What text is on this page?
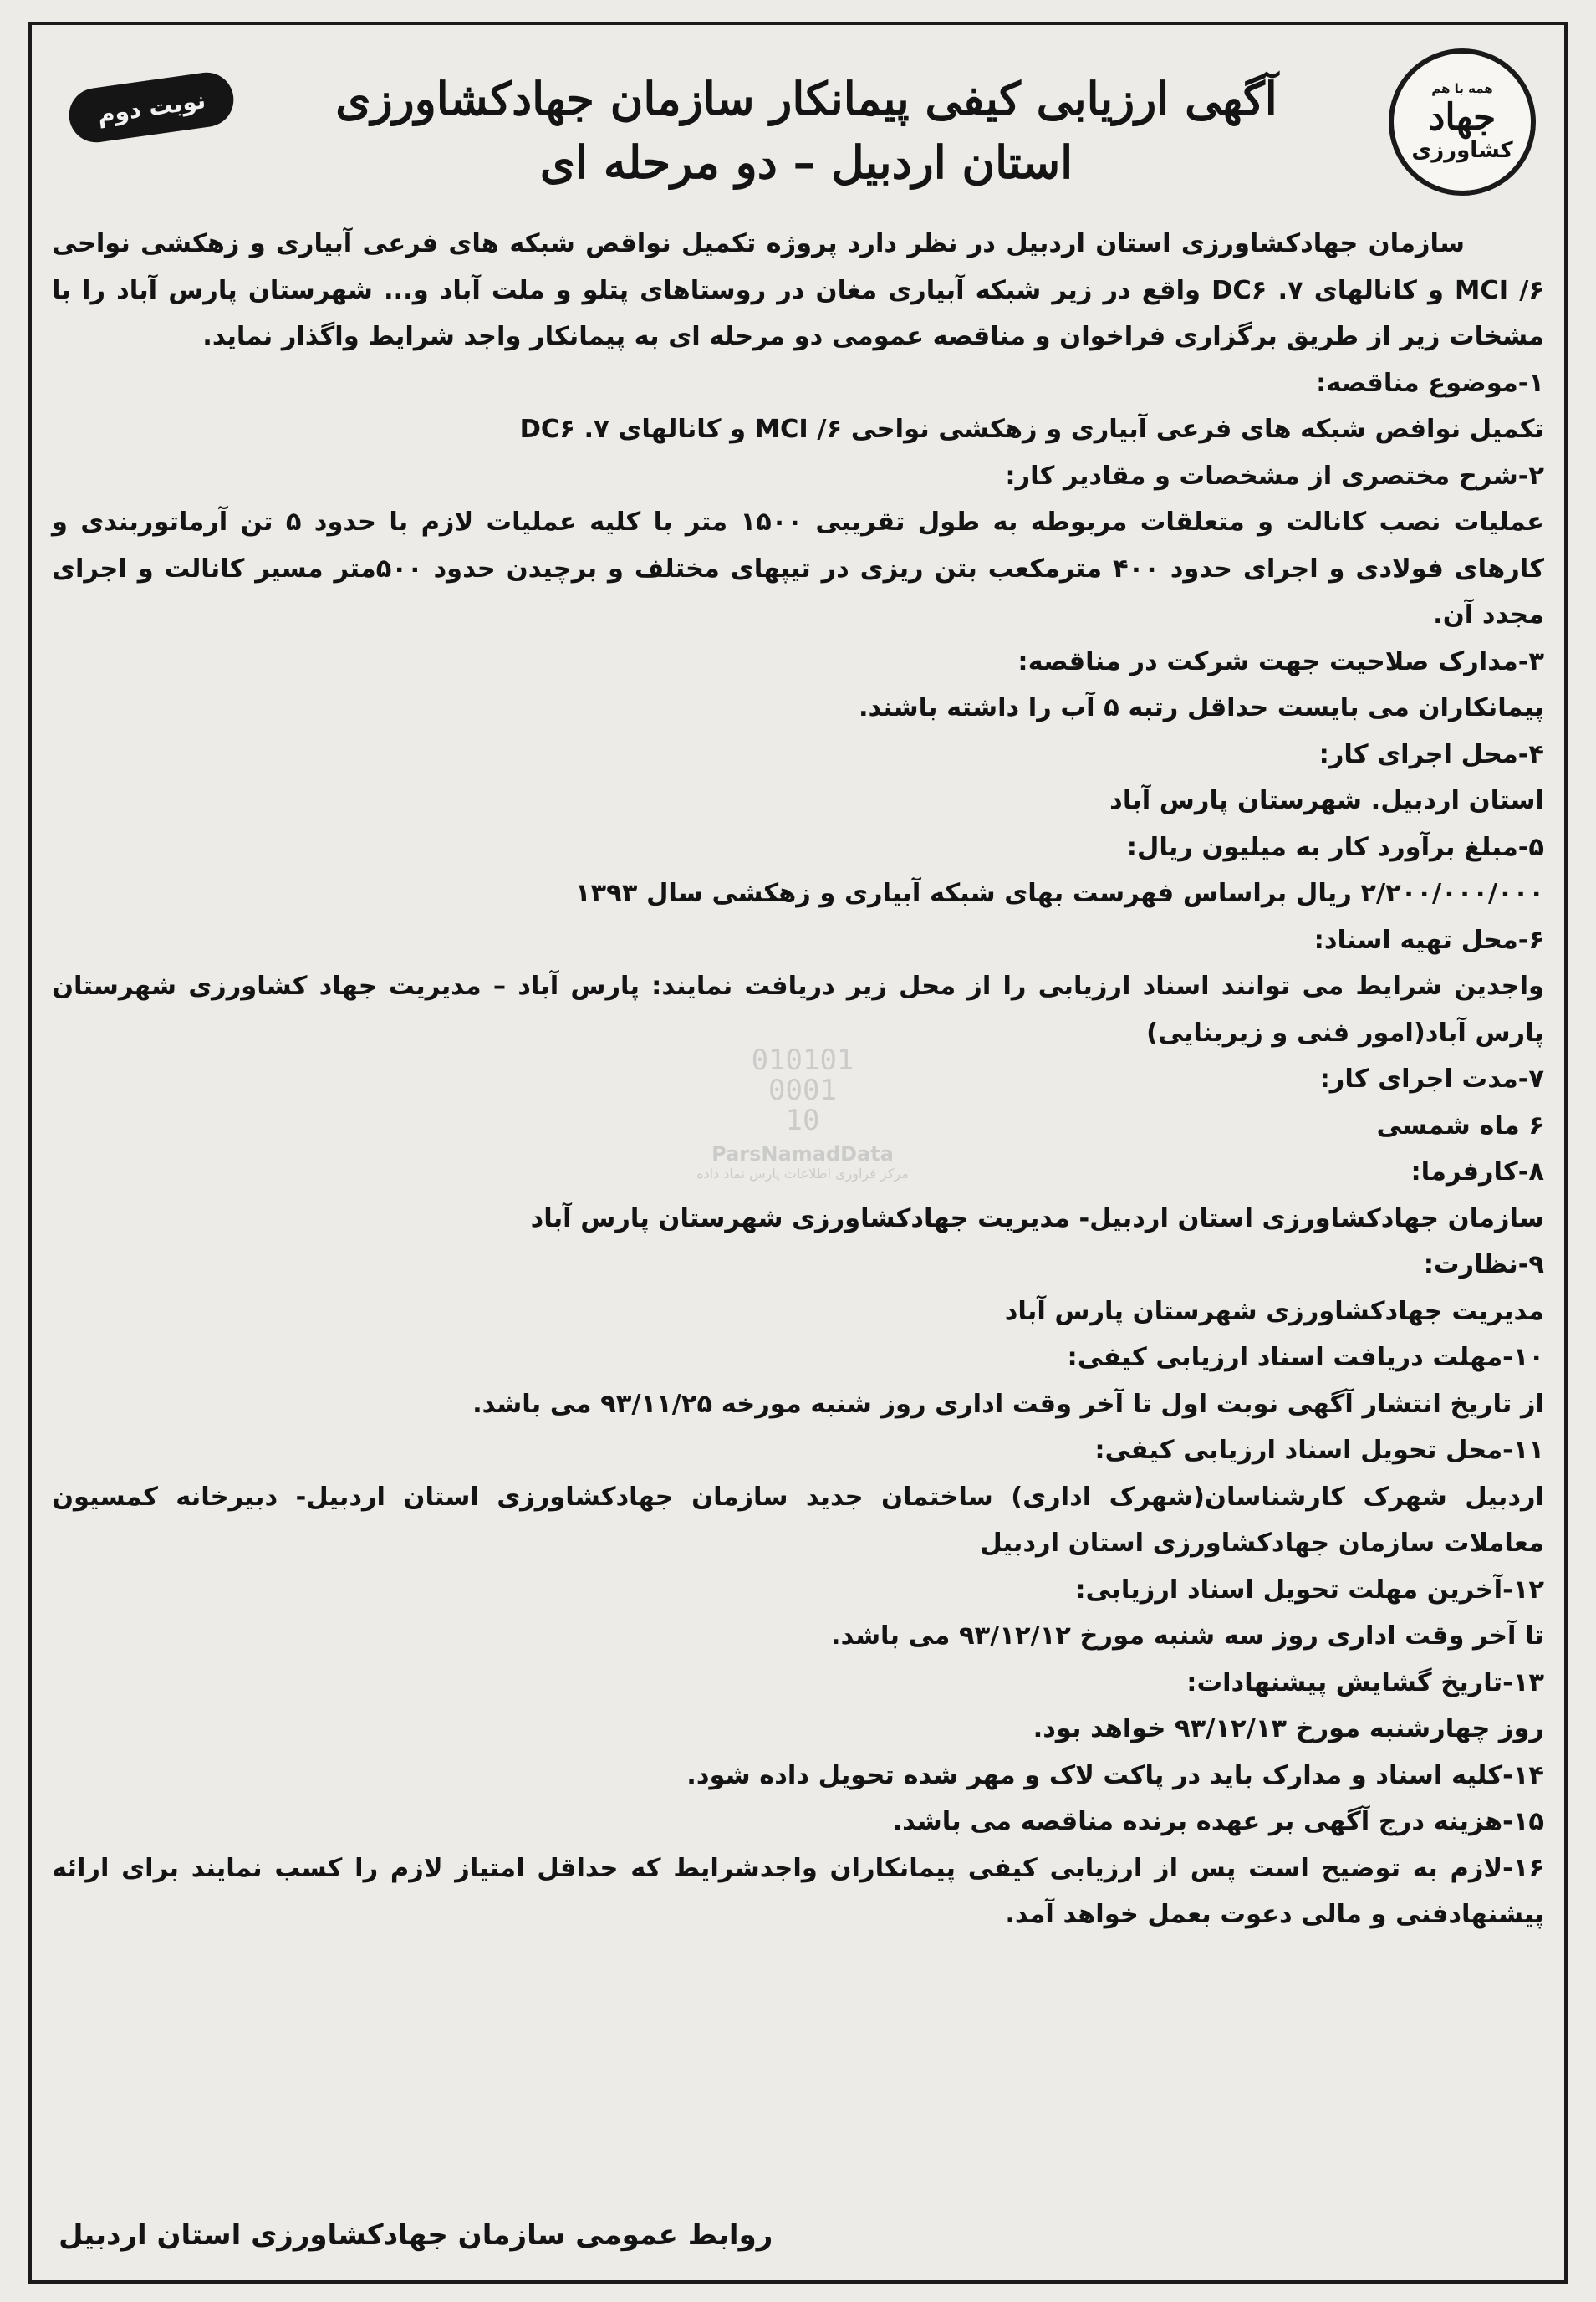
همه با هم
جهاد
کشاورزی
آگهی ارزیابی کیفی پیمانکار سازمان جهادکشاورزی
استان اردبیل – دو مرحله ای
نوبت دوم

سازمان جهادکشاورزی استان اردبیل در نظر دارد پروژه تکمیل نواقص شبکه های فرعی آبیاری و زهکشی نواحی ۶/ MCI و کانالهای ۷. DC۶ واقع در زیر شبکه آبیاری مغان در روستاهای پتلو و ملت آباد و... شهرستان پارس آباد را با مشخات زیر از طریق برگزاری فراخوان و مناقصه عمومی دو مرحله ای به پیمانکار واجد شرایط واگذار نماید.

۱-موضوع مناقصه:

تکمیل نوافص شبکه های فرعی آبیاری و زهکشی نواحی ۶/ MCI و کانالهای ۷. DC۶

۲-شرح مختصری از مشخصات و مقادیر کار:

عملیات نصب کانالت و متعلقات مربوطه به طول تقریبی ۱۵۰۰ متر با کلیه عملیات لازم با حدود ۵ تن آرماتوربندی و کارهای فولادی و اجرای حدود ۴۰۰ مترمکعب بتن ریزی در تیپهای مختلف و برچیدن حدود ۵۰۰متر مسیر کانالت و اجرای مجدد آن.

۳-مدارک صلاحیت جهت شرکت در مناقصه:

پیمانکاران می بایست حداقل رتبه ۵ آب را داشته باشند.

۴-محل اجرای کار:

استان اردبیل. شهرستان پارس آباد

۵-مبلغ برآورد کار به میلیون ریال:

۲/۲۰۰/۰۰۰/۰۰۰ ریال براساس فهرست بهای شبکه آبیاری و زهکشی سال ۱۳۹۳

۶-محل تهیه اسناد:

واجدین شرایط می توانند اسناد ارزیابی را از محل زیر دریافت نمایند: پارس آباد – مدیریت جهاد کشاورزی شهرستان پارس آباد(امور فنی و زیربنایی)

۷-مدت اجرای کار:

۶ ماه شمسی

۸-کارفرما:

سازمان جهادکشاورزی استان اردبیل- مدیریت جهادکشاورزی شهرستان پارس آباد

۹-نظارت:

مدیریت جهادکشاورزی شهرستان پارس آباد

۱۰-مهلت دریافت اسناد ارزیابی کیفی:

از تاریخ انتشار آگهی نوبت اول تا آخر وقت اداری روز شنبه مورخه ۹۳/۱۱/۲۵ می باشد.

۱۱-محل تحویل اسناد ارزیابی کیفی:

اردبیل شهرک کارشناسان(شهرک اداری) ساختمان جدید سازمان جهادکشاورزی استان اردبیل- دبیرخانه کمسیون معاملات سازمان جهادکشاورزی استان اردبیل

۱۲-آخرین مهلت تحویل اسناد ارزیابی:

تا آخر وقت اداری روز سه شنبه مورخ ۹۳/۱۲/۱۲ می باشد.

۱۳-تاریخ گشایش پیشنهادات:

روز چهارشنبه مورخ ۹۳/۱۲/۱۳ خواهد بود.

۱۴-کلیه اسناد و مدارک باید در پاکت لاک و مهر شده تحویل داده شود.

۱۵-هزینه درج آگهی بر عهده برنده مناقصه می باشد.

۱۶-لازم به توضیح است پس از ارزیابی کیفی پیمانکاران واجدشرایط که حداقل امتیاز لازم را کسب نمایند برای ارائه پیشنهادفنی و مالی دعوت بعمل خواهد آمد.

010101
0001
10
ParsNamadData
مرکز فراوری اطلاعات پارس نماد داده
روابط عمومی سازمان جهادکشاورزی استان اردبیل
